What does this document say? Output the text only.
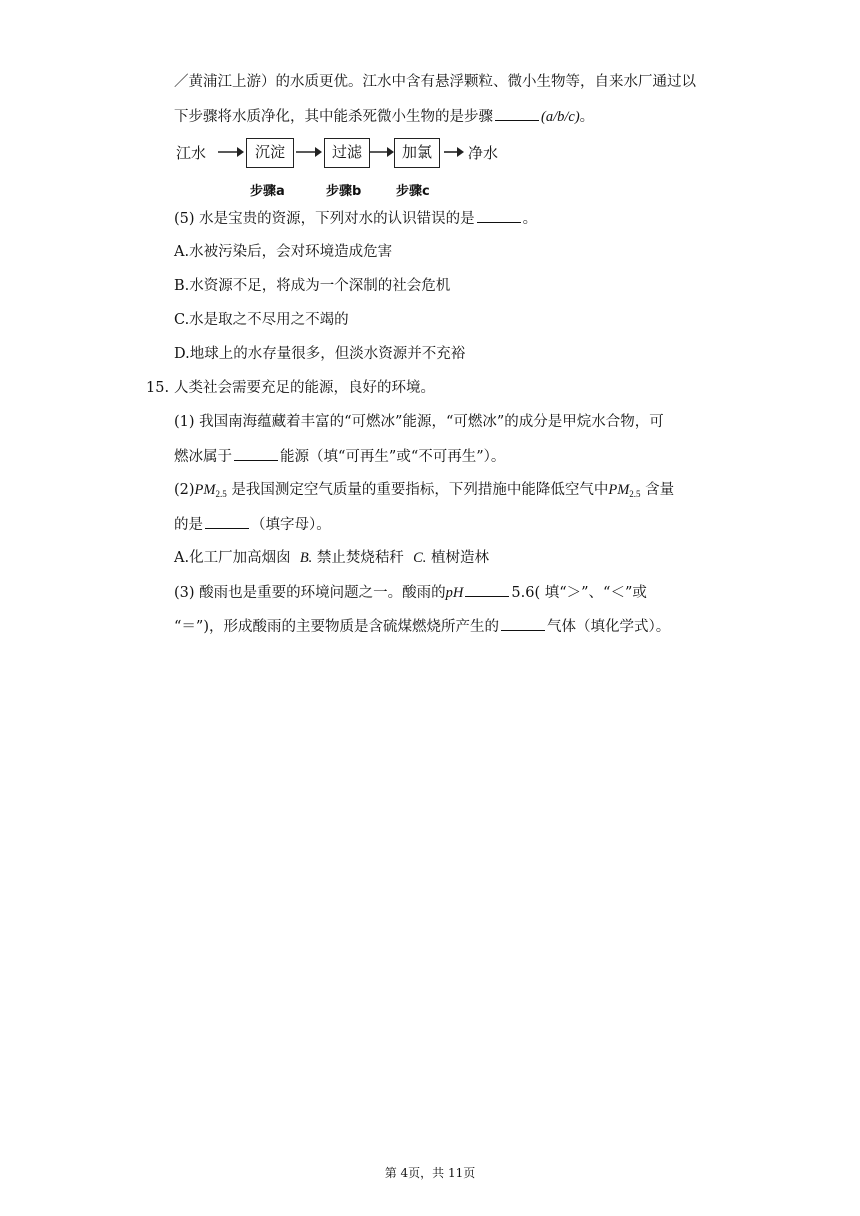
／黄浦江上游）的水质更优。江水中含有悬浮颗粒、微小生物等，自来水厂通过以
下步骤将水质净化，其中能杀死微小生物的是步骤	(a/b/c)。
江水	沉淀	过滤	加氯	净水
步骤a	步骤b	步骤c
(5) 水是宝贵的资源，下列对水的认识错误的是	。
A.水被污染后，会对环境造成危害
B.水资源不足，将成为一个深制的社会危机
C.水是取之不尽用之不竭的
D.地球上的水存量很多，但淡水资源并不充裕
15. 人类社会需要充足的能源，良好的环境。
(1) 我国南海蕴藏着丰富的“可燃冰”能源，“可燃冰”的成分是甲烷水合物，可
燃冰属于	能源（填“可再生”或“不可再生”）。
$(2)PM_{2.5}$ 是我国测定空气质量的重要指标，下列措施中能降低空气中$PM_{2.5}$ 含量
的是	（填字母）。
A.化工厂加高烟囱 B. 禁止焚烧秸秆 C. 植树造林
(3) 酸雨也是重要的环境问题之一。酸雨的pH	5.6( 填“＞”、“＜”或
“＝”)，形成酸雨的主要物质是含硫煤燃烧所产生的	气体（填化学式）。
第 4页，共 11页
